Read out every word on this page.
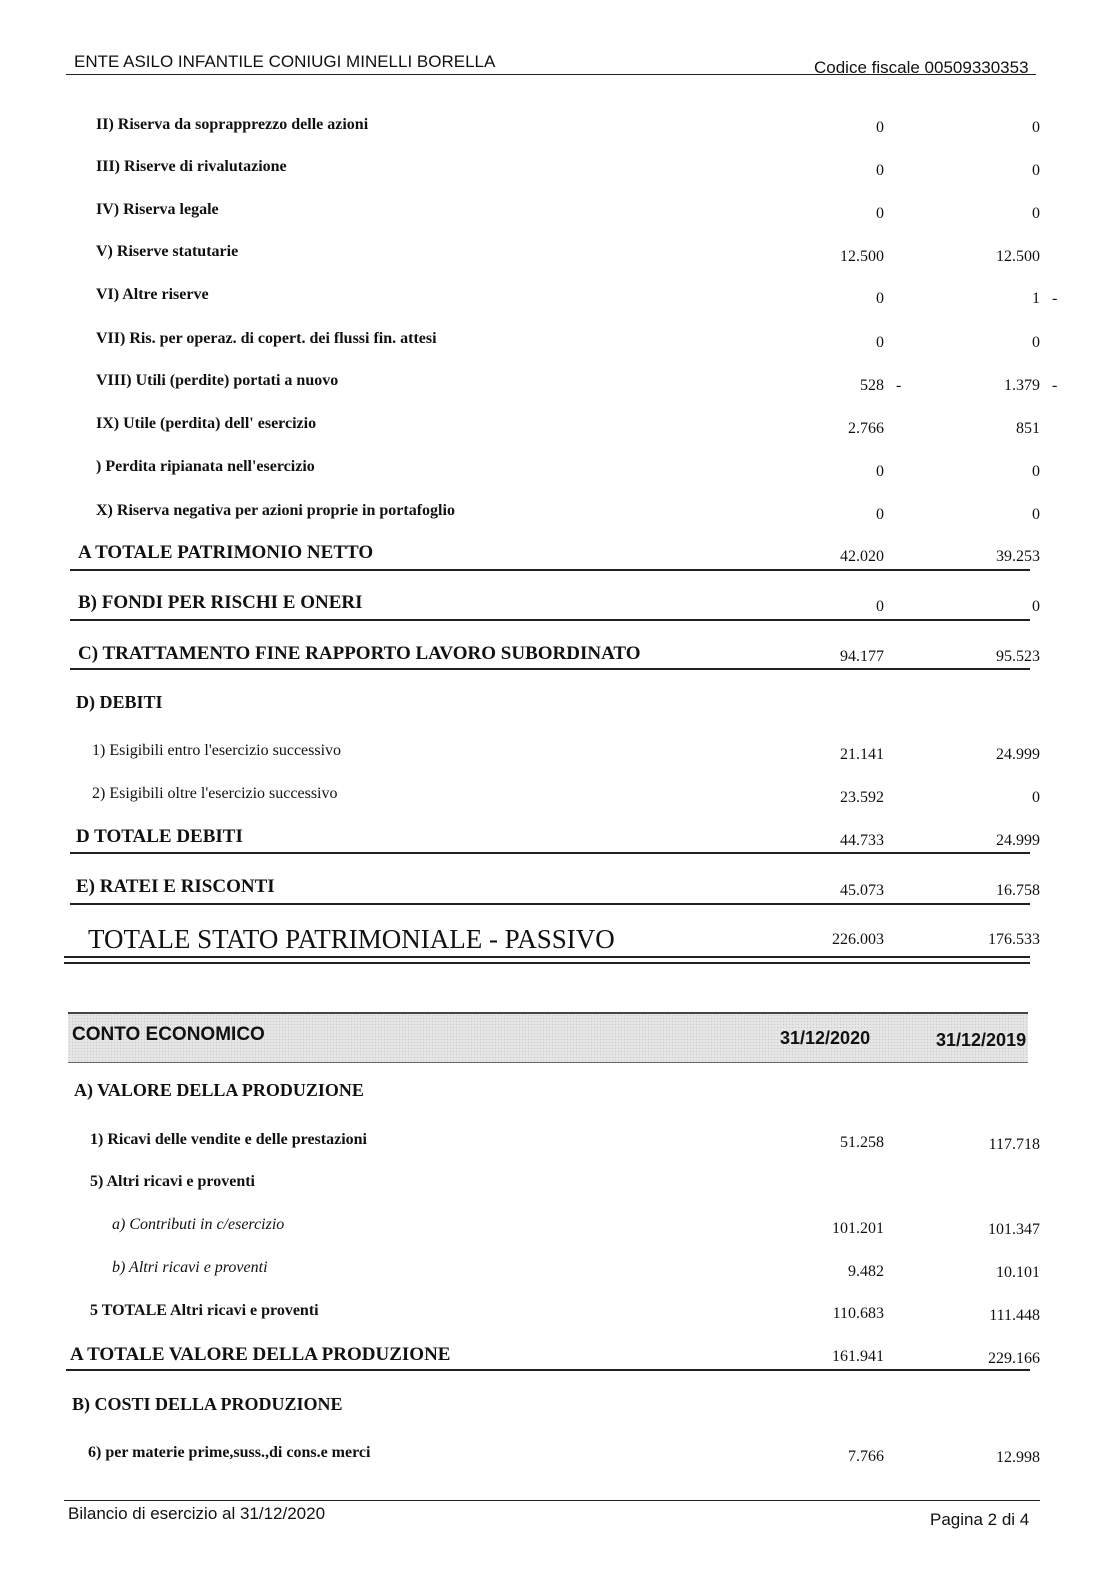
ENTE ASILO INFANTILE CONIUGI MINELLI BORELLA	Codice fiscale 00509330353
II) Riserva da soprapprezzo delle azioni	0	0
III) Riserve di rivalutazione	0	0
IV) Riserva legale	0	0
V) Riserve statutarie	12.500	12.500
VI) Altre riserve	0	1 -
VII) Ris. per operaz. di copert. dei flussi fin. attesi	0	0
VIII) Utili (perdite) portati a nuovo	528 -	1.379 -
IX) Utile (perdita) dell' esercizio	2.766	851
) Perdita ripianata nell'esercizio	0	0
X) Riserva negativa per azioni proprie in portafoglio	0	0
A TOTALE PATRIMONIO NETTO	42.020	39.253
B) FONDI PER RISCHI E ONERI	0	0
C) TRATTAMENTO FINE RAPPORTO LAVORO SUBORDINATO	94.177	95.523
D) DEBITI
1) Esigibili entro l'esercizio successivo	21.141	24.999
2) Esigibili oltre l'esercizio successivo	23.592	0
D TOTALE DEBITI	44.733	24.999
E) RATEI E RISCONTI	45.073	16.758
TOTALE STATO PATRIMONIALE - PASSIVO	226.003	176.533
CONTO ECONOMICO	31/12/2020	31/12/2019
A) VALORE DELLA PRODUZIONE
1) Ricavi delle vendite e delle prestazioni	51.258	117.718
5) Altri ricavi e proventi
a) Contributi in c/esercizio	101.201	101.347
b) Altri ricavi e proventi	9.482	10.101
5 TOTALE Altri ricavi e proventi	110.683	111.448
A TOTALE VALORE DELLA PRODUZIONE	161.941	229.166
B) COSTI DELLA PRODUZIONE
6) per materie prime,suss.,di cons.e merci	7.766	12.998
Bilancio di esercizio al 31/12/2020	Pagina 2 di 4
